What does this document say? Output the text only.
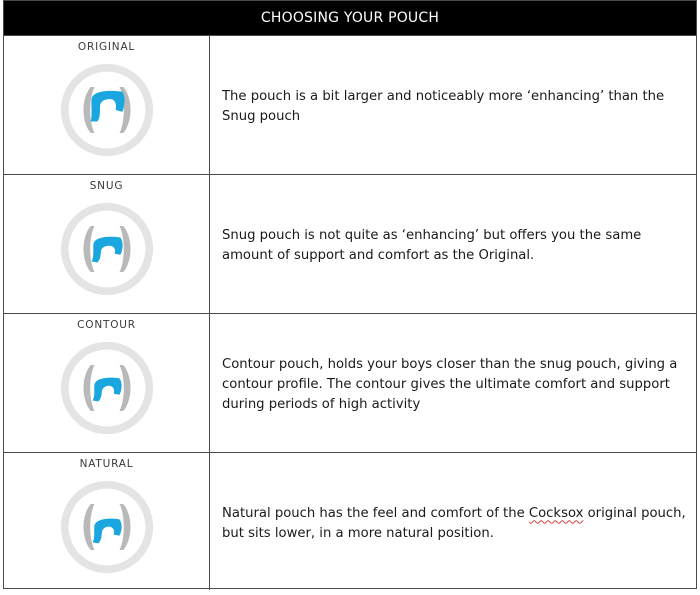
CHOOSING YOUR POUCH
ORIGINAL
The pouch is a bit larger and noticeably more ‘enhancing’ than the Snug pouch
SNUG
Snug pouch is not quite as ‘enhancing’ but offers you the same amount of support and comfort as the Original.
CONTOUR
Contour pouch, holds your boys closer than the snug pouch, giving a contour profile. The contour gives the ultimate comfort and support during periods of high activity
NATURAL
Natural pouch has the feel and comfort of the Cocksox original pouch, but sits lower, in a more natural position.
